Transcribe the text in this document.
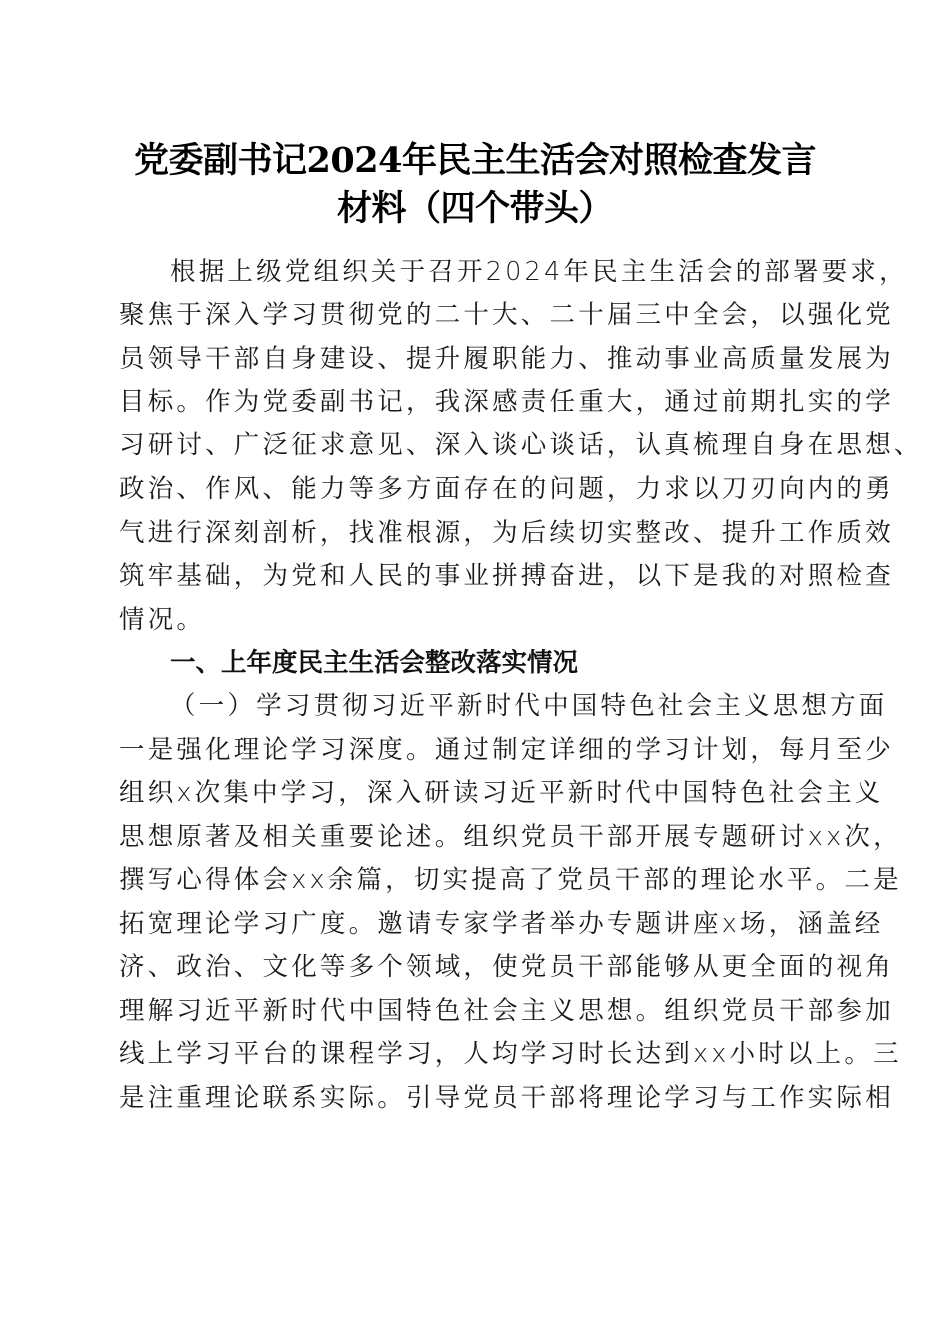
党委副书记2024年民主生活会对照检查发言
材料（四个带头）
根据上级党组织关于召开2024年民主生活会的部署要求，
聚焦于深入学习贯彻党的二十大、二十届三中全会，以强化党
员领导干部自身建设、提升履职能力、推动事业高质量发展为
目标。作为党委副书记，我深感责任重大，通过前期扎实的学
习研讨、广泛征求意见、深入谈心谈话，认真梳理自身在思想、
政治、作风、能力等多方面存在的问题，力求以刀刃向内的勇
气进行深刻剖析，找准根源，为后续切实整改、提升工作质效
筑牢基础，为党和人民的事业拼搏奋进，以下是我的对照检查
情况。
一、上年度民主生活会整改落实情况
（一）学习贯彻习近平新时代中国特色社会主义思想方面
一是强化理论学习深度。通过制定详细的学习计划，每月至少
组织x次集中学习，深入研读习近平新时代中国特色社会主义
思想原著及相关重要论述。组织党员干部开展专题研讨xx次，
撰写心得体会xx余篇，切实提高了党员干部的理论水平。二是
拓宽理论学习广度。邀请专家学者举办专题讲座x场，涵盖经
济、政治、文化等多个领域，使党员干部能够从更全面的视角
理解习近平新时代中国特色社会主义思想。组织党员干部参加
线上学习平台的课程学习，人均学习时长达到xx小时以上。三
是注重理论联系实际。引导党员干部将理论学习与工作实际相
